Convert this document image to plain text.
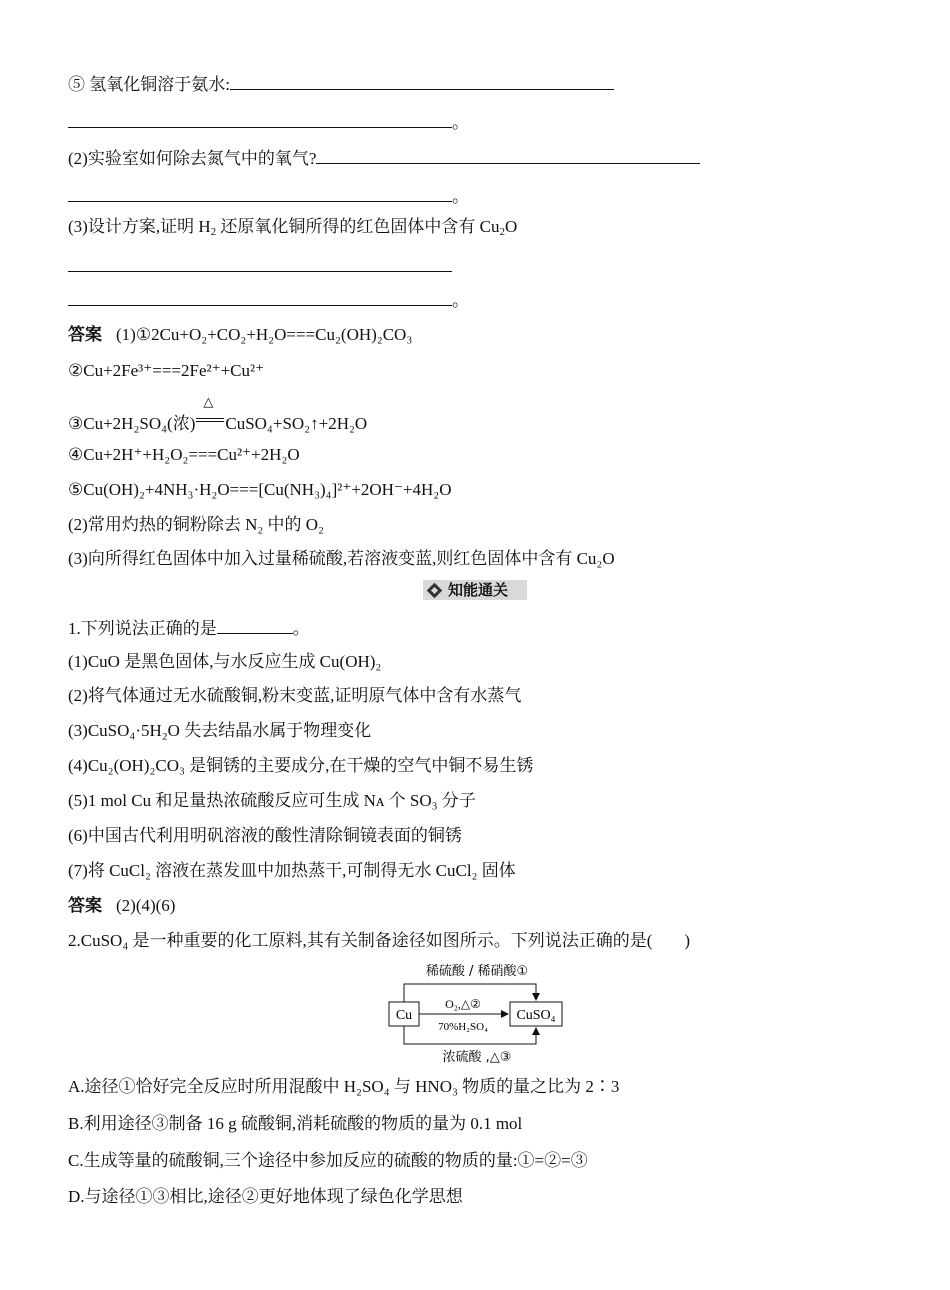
⑤ 氢氧化铜溶于氨水:
。
(2)实验室如何除去氮气中的氧气?
。
(3)设计方案,证明 $H_2$ 还原氧化铜所得的红色固体中含有 $Cu_2O$
。
答案 (1)①2Cu+O₂+CO₂+H₂O===Cu₂(OH)₂CO₃
②Cu+2Fe³⁺===2Fe²⁺+Cu²⁺
③Cu+2H₂SO₄(浓)
△
CuSO₄+SO₂↑+2H₂O
④Cu+2H⁺+H₂O₂===Cu²⁺+2H₂O
⑤Cu(OH)₂+4NH₃·H₂O===[Cu(NH₃)₄]²⁺+2OH⁻+4H₂O
(2)常用灼热的铜粉除去 N₂ 中的 O₂
(3)向所得红色固体中加入过量稀硫酸,若溶液变蓝,则红色固体中含有 Cu₂O
知能通关
1.下列说法正确的是	。
(1)CuO 是黑色固体,与水反应生成 Cu(OH)₂
(2)将气体通过无水硫酸铜,粉末变蓝,证明原气体中含有水蒸气
(3)CuSO₄·5H₂O 失去结晶水属于物理变化
(4)Cu₂(OH)₂CO₃ 是铜锈的主要成分,在干燥的空气中铜不易生锈
(5)1 mol Cu 和足量热浓硫酸反应可生成 Nᴀ 个 SO₃ 分子
(6)中国古代利用明矾溶液的酸性清除铜镜表面的铜锈
(7)将 CuCl₂ 溶液在蒸发皿中加热蒸干,可制得无水 CuCl₂ 固体
答案 (2)(4)(6)
2.CuSO₄ 是一种重要的化工原料,其有关制备途径如图所示。下列说法正确的是( )
稀硫酸 / 稀硝酸①
Cu	CuSO₄
O₂,△②
70%H₂SO₄
浓硫酸 ,△③
A.途径①恰好完全反应时所用混酸中 H₂SO₄ 与 HNO₃ 物质的量之比为 2∶3
B.利用途径③制备 16 g 硫酸铜,消耗硫酸的物质的量为 0.1 mol
C.生成等量的硫酸铜,三个途径中参加反应的硫酸的物质的量:①=②=③
D.与途径①③相比,途径②更好地体现了绿色化学思想
